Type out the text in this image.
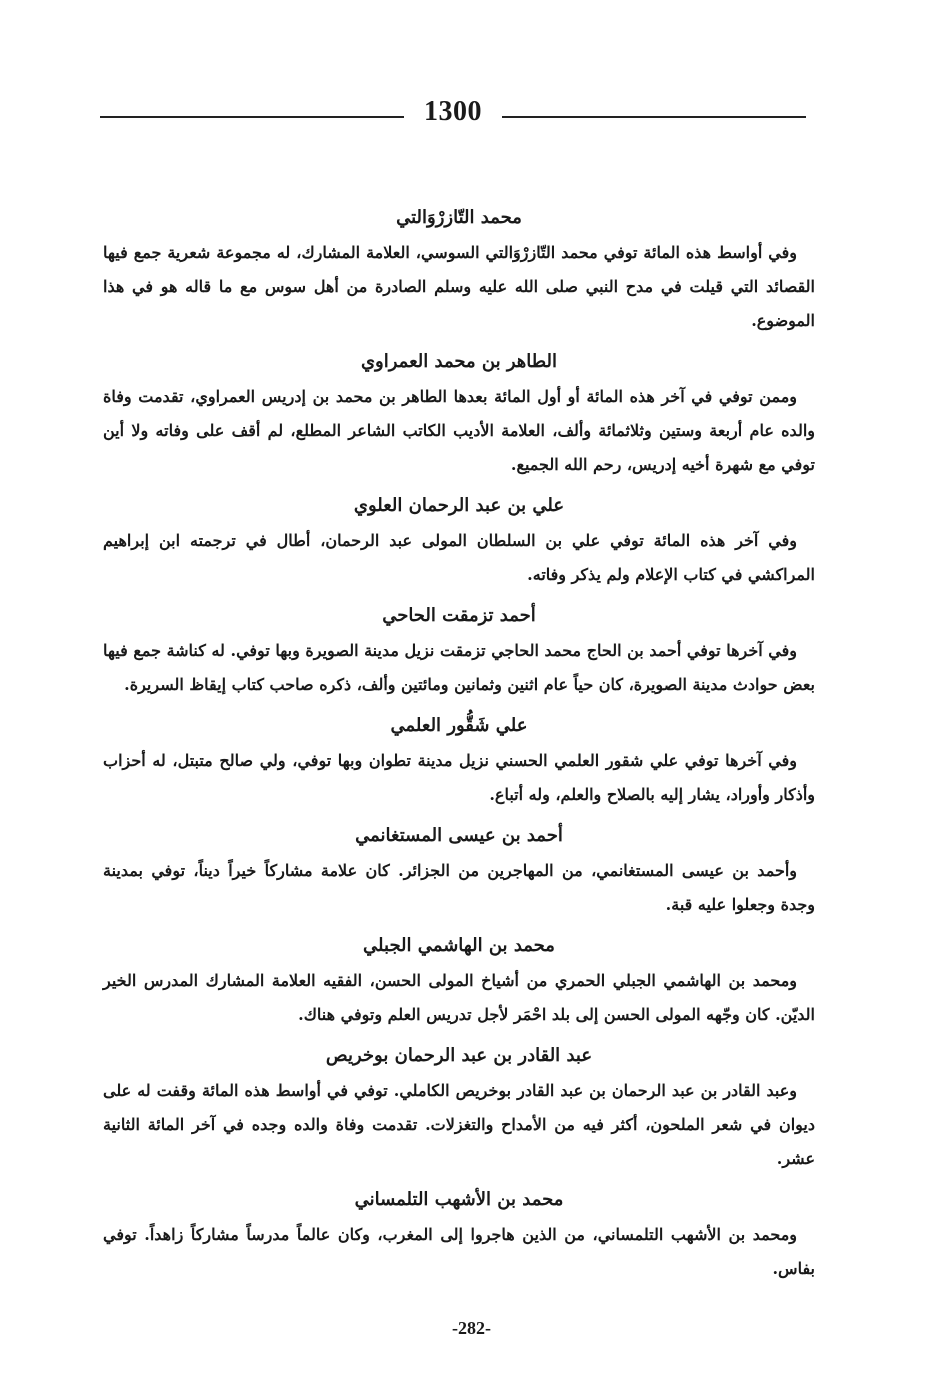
1300

محمد التّازرْوَالتي

وفي أواسط هذه المائة توفي محمد التّازرْوَالتي السوسي، العلامة المشارك، له مجموعة شعرية جمع فيها القصائد التي قيلت في مدح النبي صلى الله عليه وسلم الصادرة من أهل سوس مع ما قاله هو في هذا الموضوع.

الطاهر بن محمد العمراوي

وممن توفي في آخر هذه المائة أو أول المائة بعدها الطاهر بن محمد بن إدريس العمراوي، تقدمت وفاة والده عام أربعة وستين وثلاثمائة وألف، العلامة الأديب الكاتب الشاعر المطلع، لم أقف على وفاته ولا أين توفي مع شهرة أخيه إدريس، رحم الله الجميع.

علي بن عبد الرحمان العلوي

وفي آخر هذه المائة توفي علي بن السلطان المولى عبد الرحمان، أطال في ترجمته ابن إبراهيم المراكشي في كتاب الإعلام ولم يذكر وفاته.

أحمد تزمقت الحاحي

وفي آخرها توفي أحمد بن الحاج محمد الحاجي تزمقت نزيل مدينة الصويرة وبها توفي. له كناشة جمع فيها بعض حوادث مدينة الصويرة، كان حياً عام اثنين وثمانين ومائتين وألف، ذكره صاحب كتاب إيقاظ السريرة.

علي شَقُّور العلمي

وفي آخرها توفي علي شقور العلمي الحسني نزيل مدينة تطوان وبها توفي، ولي صالح متبتل، له أحزاب وأذكار وأوراد، يشار إليه بالصلاح والعلم، وله أتباع.

أحمد بن عيسى المستغانمي

وأحمد بن عيسى المستغانمي، من المهاجرين من الجزائر. كان علامة مشاركاً خيراً ديناً، توفي بمدينة وجدة وجعلوا عليه قبة.

محمد بن الهاشمي الجبلي

ومحمد بن الهاشمي الجبلي الحمري من أشياخ المولى الحسن، الفقيه العلامة المشارك المدرس الخير الديّن. كان وجّهه المولى الحسن إلى بلد احْمَر لأجل تدريس العلم وتوفي هناك.

عبد القادر بن عبد الرحمان بوخريص

وعبد القادر بن عبد الرحمان بن عبد القادر بوخريص الكاملي. توفي في أواسط هذه المائة وقفت له على ديوان في شعر الملحون، أكثر فيه من الأمداح والتغزلات. تقدمت وفاة والده وجده في آخر المائة الثانية عشر.

محمد بن الأشهب التلمساني

ومحمد بن الأشهب التلمساني، من الذين هاجروا إلى المغرب، وكان عالماً مدرساً مشاركاً زاهداً. توفي بفاس.

-282-
